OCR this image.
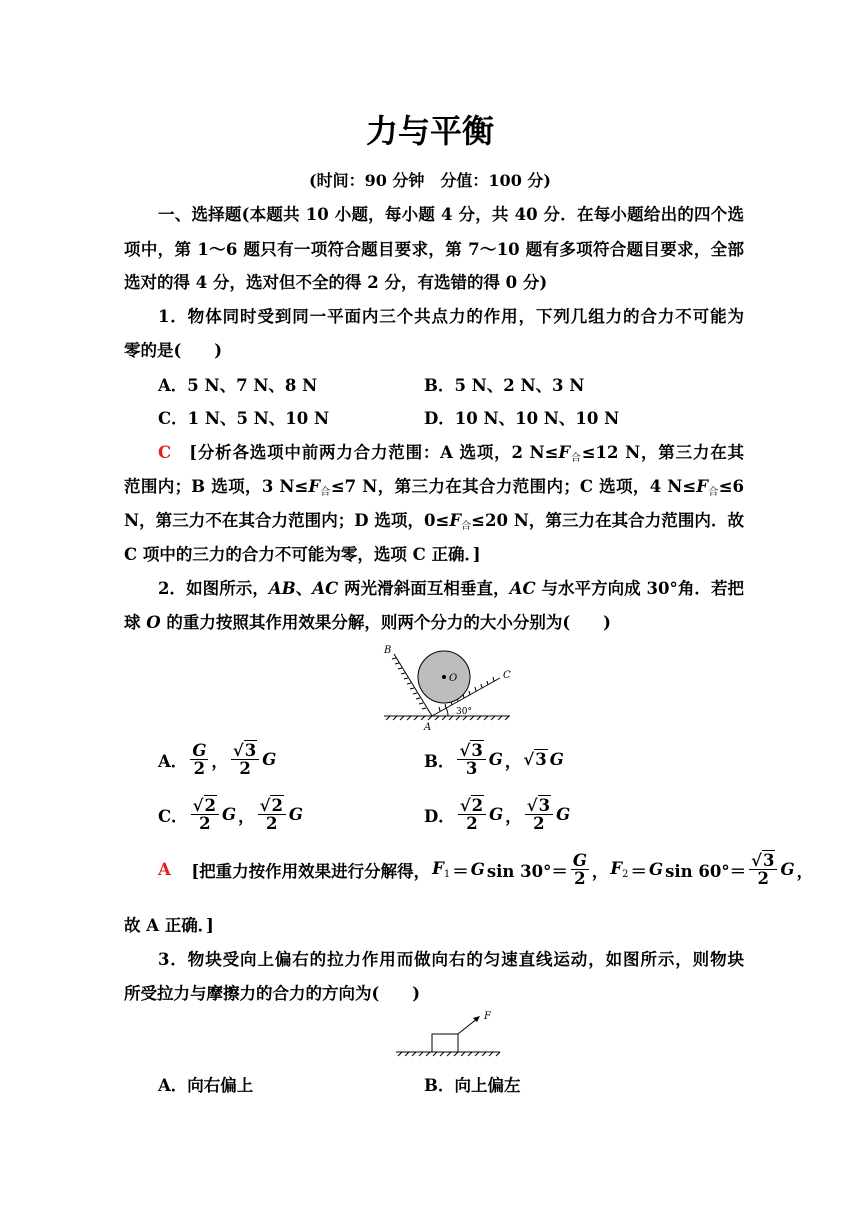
力与平衡
(时间：90 分钟　分值：100 分)
一、选择题(本题共 10 小题，每小题 4 分，共 40 分．在每小题给出的四个选
项中，第 1～6 题只有一项符合题目要求，第 7～10 题有多项符合题目要求，全部
选对的得 4 分，选对但不全的得 2 分，有选错的得 0 分)
1．物体同时受到同一平面内三个共点力的作用，下列几组力的合力不可能为
零的是(　　)
A．5 N、7 N、8 N	B．5 N、2 N、3 N
C．1 N、5 N、10 N	D．10 N、10 N、10 N
C　 [分析各选项中前两力合力范围：A 选项，2 $N\le F_合\le 12$ N，第三力在其
范围内；B 选项，3 $N\le F_合\le 7$ N，第三力在其合力范围内；C 选项，4 $N\le F_合\le 6$
N，第三力不在其合力范围内；D 选项，$0\le F_合\le 20$ N，第三力在其合力范围内．故
C 项中的三力的合力不可能为零，选项 C 正确．]
2．如图所示，AB、AC 两光滑斜面互相垂直，AC 与水平方向成 30°角．若把
球 O 的重力按照其作用效果分解，则两个分力的大小分别为(　　)
B
O	C
A
30°
A． $\frac{G}{2}$ ， $\frac{√3}{2}$ G	B． $\frac{√3}{3}$ G ， √3 G
C． $\frac{√2}{2}$ G ， $\frac{√2}{2}$ G	D． $\frac{√2}{2}$ G ， $\frac{√3}{2}$ G
A
　 [把重力按作用效果进行分解得， $F_1 = G$ $\sin 30^\circ= \frac{G}{2}$ ， $F_2 = G$ $\sin 60^\circ= \frac{√3}{2}$ G ，
故 A 正确．]
3．物块受向上偏右的拉力作用而做向右的匀速直线运动，如图所示，则物块
所受拉力与摩擦力的合力的方向为(　　)
F
A．向右偏上	B．向上偏左
